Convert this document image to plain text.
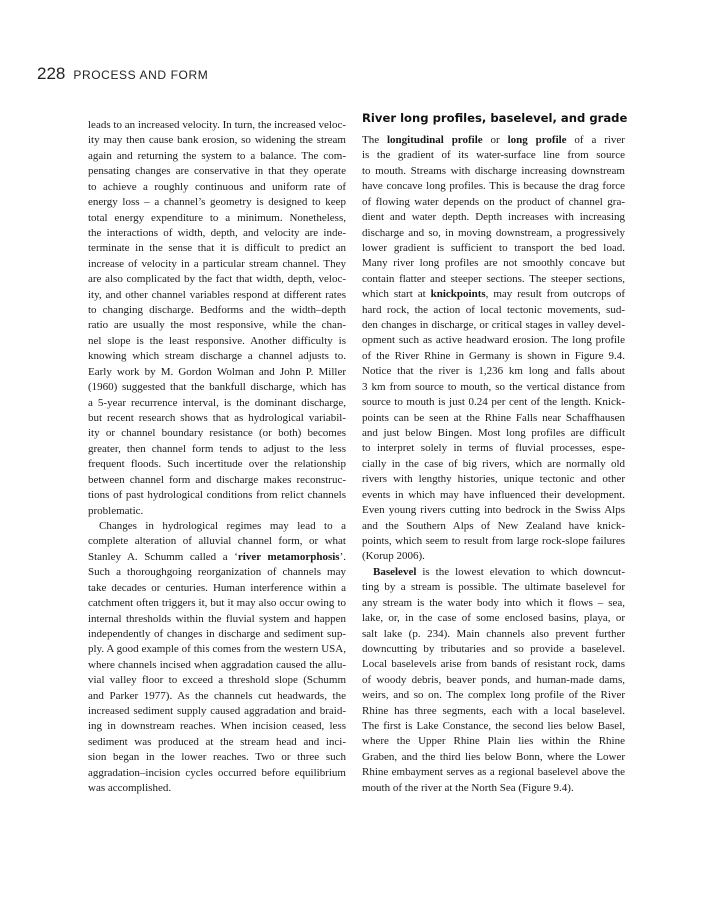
228 PROCESS AND FORM
leads to an increased velocity. In turn, the increased veloc-
ity may then cause bank erosion, so widening the stream
again and returning the system to a balance. The com-
pensating changes are conservative in that they operate
to achieve a roughly continuous and uniform rate of
energy loss – a channel’s geometry is designed to keep
total energy expenditure to a minimum. Nonetheless,
the interactions of width, depth, and velocity are inde-
terminate in the sense that it is difficult to predict an
increase of velocity in a particular stream channel. They
are also complicated by the fact that width, depth, veloc-
ity, and other channel variables respond at different rates
to changing discharge. Bedforms and the width–depth
ratio are usually the most responsive, while the chan-
nel slope is the least responsive. Another difficulty is
knowing which stream discharge a channel adjusts to.
Early work by M. Gordon Wolman and John P. Miller
(1960) suggested that the bankfull discharge, which has
a 5-year recurrence interval, is the dominant discharge,
but recent research shows that as hydrological variabil-
ity or channel boundary resistance (or both) becomes
greater, then channel form tends to adjust to the less
frequent floods. Such incertitude over the relationship
between channel form and discharge makes reconstruc-
tions of past hydrological conditions from relict channels
problematic.
Changes in hydrological regimes may lead to a
complete alteration of alluvial channel form, or what
Stanley A. Schumm called a ‘river metamorphosis’.
Such a thoroughgoing reorganization of channels may
take decades or centuries. Human interference within a
catchment often triggers it, but it may also occur owing to
internal thresholds within the fluvial system and happen
independently of changes in discharge and sediment sup-
ply. A good example of this comes from the western USA,
where channels incised when aggradation caused the allu-
vial valley floor to exceed a threshold slope (Schumm
and Parker 1977). As the channels cut headwards, the
increased sediment supply caused aggradation and braid-
ing in downstream reaches. When incision ceased, less
sediment was produced at the stream head and inci-
sion began in the lower reaches. Two or three such
aggradation–incision cycles occurred before equilibrium
was accomplished.
River long profiles, baselevel, and grade
The longitudinal profile or long profile of a river
is the gradient of its water-surface line from source
to mouth. Streams with discharge increasing downstream
have concave long profiles. This is because the drag force
of flowing water depends on the product of channel gra-
dient and water depth. Depth increases with increasing
discharge and so, in moving downstream, a progressively
lower gradient is sufficient to transport the bed load.
Many river long profiles are not smoothly concave but
contain flatter and steeper sections. The steeper sections,
which start at knickpoints, may result from outcrops of
hard rock, the action of local tectonic movements, sud-
den changes in discharge, or critical stages in valley devel-
opment such as active headward erosion. The long profile
of the River Rhine in Germany is shown in Figure 9.4.
Notice that the river is 1,236 km long and falls about
3 km from source to mouth, so the vertical distance from
source to mouth is just 0.24 per cent of the length. Knick-
points can be seen at the Rhine Falls near Schaffhausen
and just below Bingen. Most long profiles are difficult
to interpret solely in terms of fluvial processes, espe-
cially in the case of big rivers, which are normally old
rivers with lengthy histories, unique tectonic and other
events in which may have influenced their development.
Even young rivers cutting into bedrock in the Swiss Alps
and the Southern Alps of New Zealand have knick-
points, which seem to result from large rock-slope failures
(Korup 2006).
Baselevel is the lowest elevation to which downcut-
ting by a stream is possible. The ultimate baselevel for
any stream is the water body into which it flows – sea,
lake, or, in the case of some enclosed basins, playa, or
salt lake (p. 234). Main channels also prevent further
downcutting by tributaries and so provide a baselevel.
Local baselevels arise from bands of resistant rock, dams
of woody debris, beaver ponds, and human-made dams,
weirs, and so on. The complex long profile of the River
Rhine has three segments, each with a local baselevel.
The first is Lake Constance, the second lies below Basel,
where the Upper Rhine Plain lies within the Rhine
Graben, and the third lies below Bonn, where the Lower
Rhine embayment serves as a regional baselevel above the
mouth of the river at the North Sea (Figure 9.4).
